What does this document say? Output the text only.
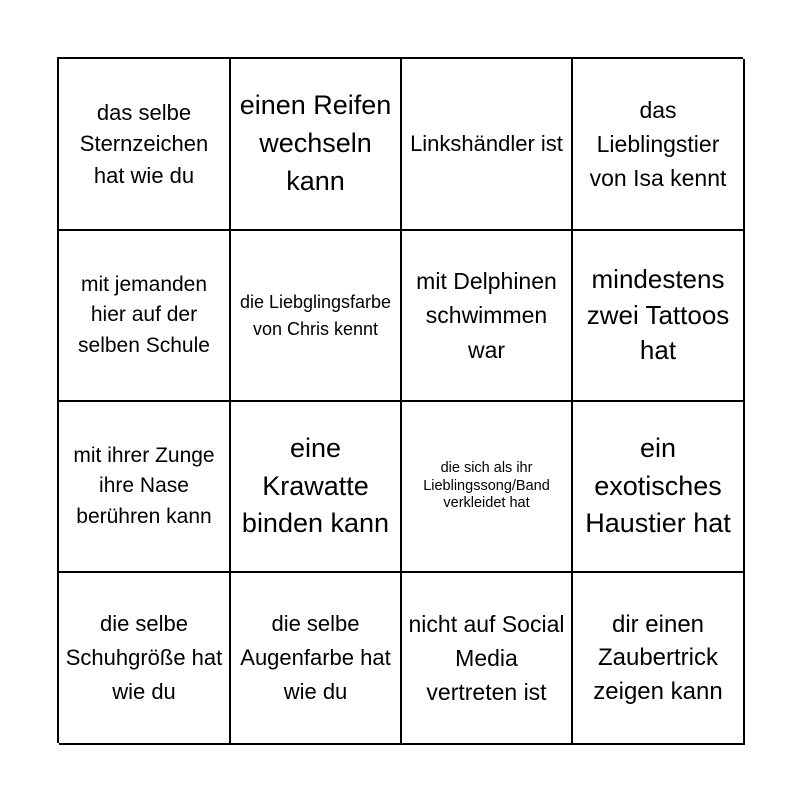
das selbe Sternzeichen hat wie du
einen Reifen wechseln kann
Linkshändler ist
das Lieblingstier von Isa kennt
mit jemanden hier auf der selben Schule
die Liebglingsfarbe von Chris kennt
mit Delphinen schwimmen war
mindestens zwei Tattoos hat
mit ihrer Zunge ihre Nase berühren kann
eine Krawatte binden kann
die sich als ihr Lieblingssong/Band verkleidet hat
ein exotisches Haustier hat
die selbe Schuhgröße hat wie du
die selbe Augenfarbe hat wie du
nicht auf Social Media vertreten ist
dir einen Zaubertrick zeigen kann
